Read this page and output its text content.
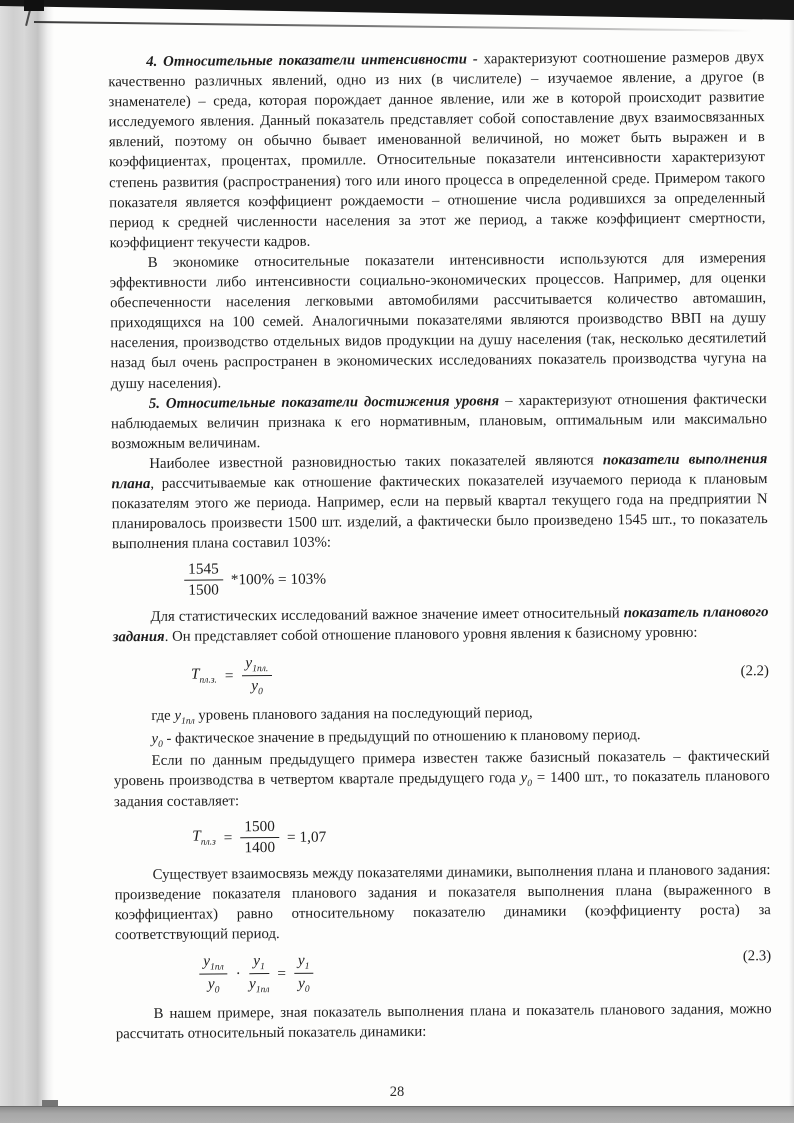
4. Относительные показатели интенсивности - характеризуют соотношение размеров двух качественно различных явлений, одно из них (в числителе) – изучаемое явление, а другое (в знаменателе) – среда, которая порождает данное явление, или же в которой происходит развитие исследуемого явления. Данный показатель представляет собой сопоставление двух взаимосвязанных явлений, поэтому он обычно бывает именованной величиной, но может быть выражен и в коэффициентах, процентах, промилле. Относительные показатели интенсивности характеризуют степень развития (распространения) того или иного процесса в определенной среде. Примером такого показателя является коэффициент рождаемости – отношение числа родившихся за определенный период к средней численности населения за этот же период, а также коэффициент смертности, коэффициент текучести кадров.

В экономике относительные показатели интенсивности используются для измерения эффективности либо интенсивности социально-экономических процессов. Например, для оценки обеспеченности населения легковыми автомобилями рассчитывается количество автомашин, приходящихся на 100 семей. Аналогичными показателями являются производство ВВП на душу населения, производство отдельных видов продукции на душу населения (так, несколько десятилетий назад был очень распространен в экономических исследованиях показатель производства чугуна на душу населения).

5. Относительные показатели достижения уровня – характеризуют отношения фактически наблюдаемых величин признака к его нормативным, плановым, оптимальным или максимально возможным величинам.

Наиболее известной разновидностью таких показателей являются показатели выполнения плана, рассчитываемые как отношение фактических показателей изучаемого периода к плановым показателям этого же периода. Например, если на первый квартал текущего года на предприятии N планировалось произвести 1500 шт. изделий, а фактически было произведено 1545 шт., то показатель выполнения плана составил 103%:

$\frac{1545}{1500} *100\% = 103\%$

Для статистических исследований важное значение имеет относительный показатель планового задания. Он представляет собой отношение планового уровня явления к базисному уровню:

$T_{пл.з.} = \frac{y_{1пл.}}{y_0}$	(2.2)

где $y_{1пл}$ уровень планового задания на последующий период,

$y_0$ - фактическое значение в предыдущий по отношению к плановому период.

Если по данным предыдущего примера известен также базисный показатель – фактический уровень производства в четвертом квартале предыдущего года $y_0 = 1400$ шт., то показатель планового задания составляет:

$T_{пл.з} = \frac{1500}{1400} = 1,07$

Существует взаимосвязь между показателями динамики, выполнения плана и планового задания: произведение показателя планового задания и показателя выполнения плана (выраженного в коэффициентах) равно относительному показателю динамики (коэффициенту роста) за соответствующий период.

$\frac{y_{1пл}}{y_0} \cdot \frac{y_1}{y_{1пл}} = \frac{y_1}{y_0}$	(2.3)

В нашем примере, зная показатель выполнения плана и показатель планового задания, можно рассчитать относительный показатель динамики:

28
